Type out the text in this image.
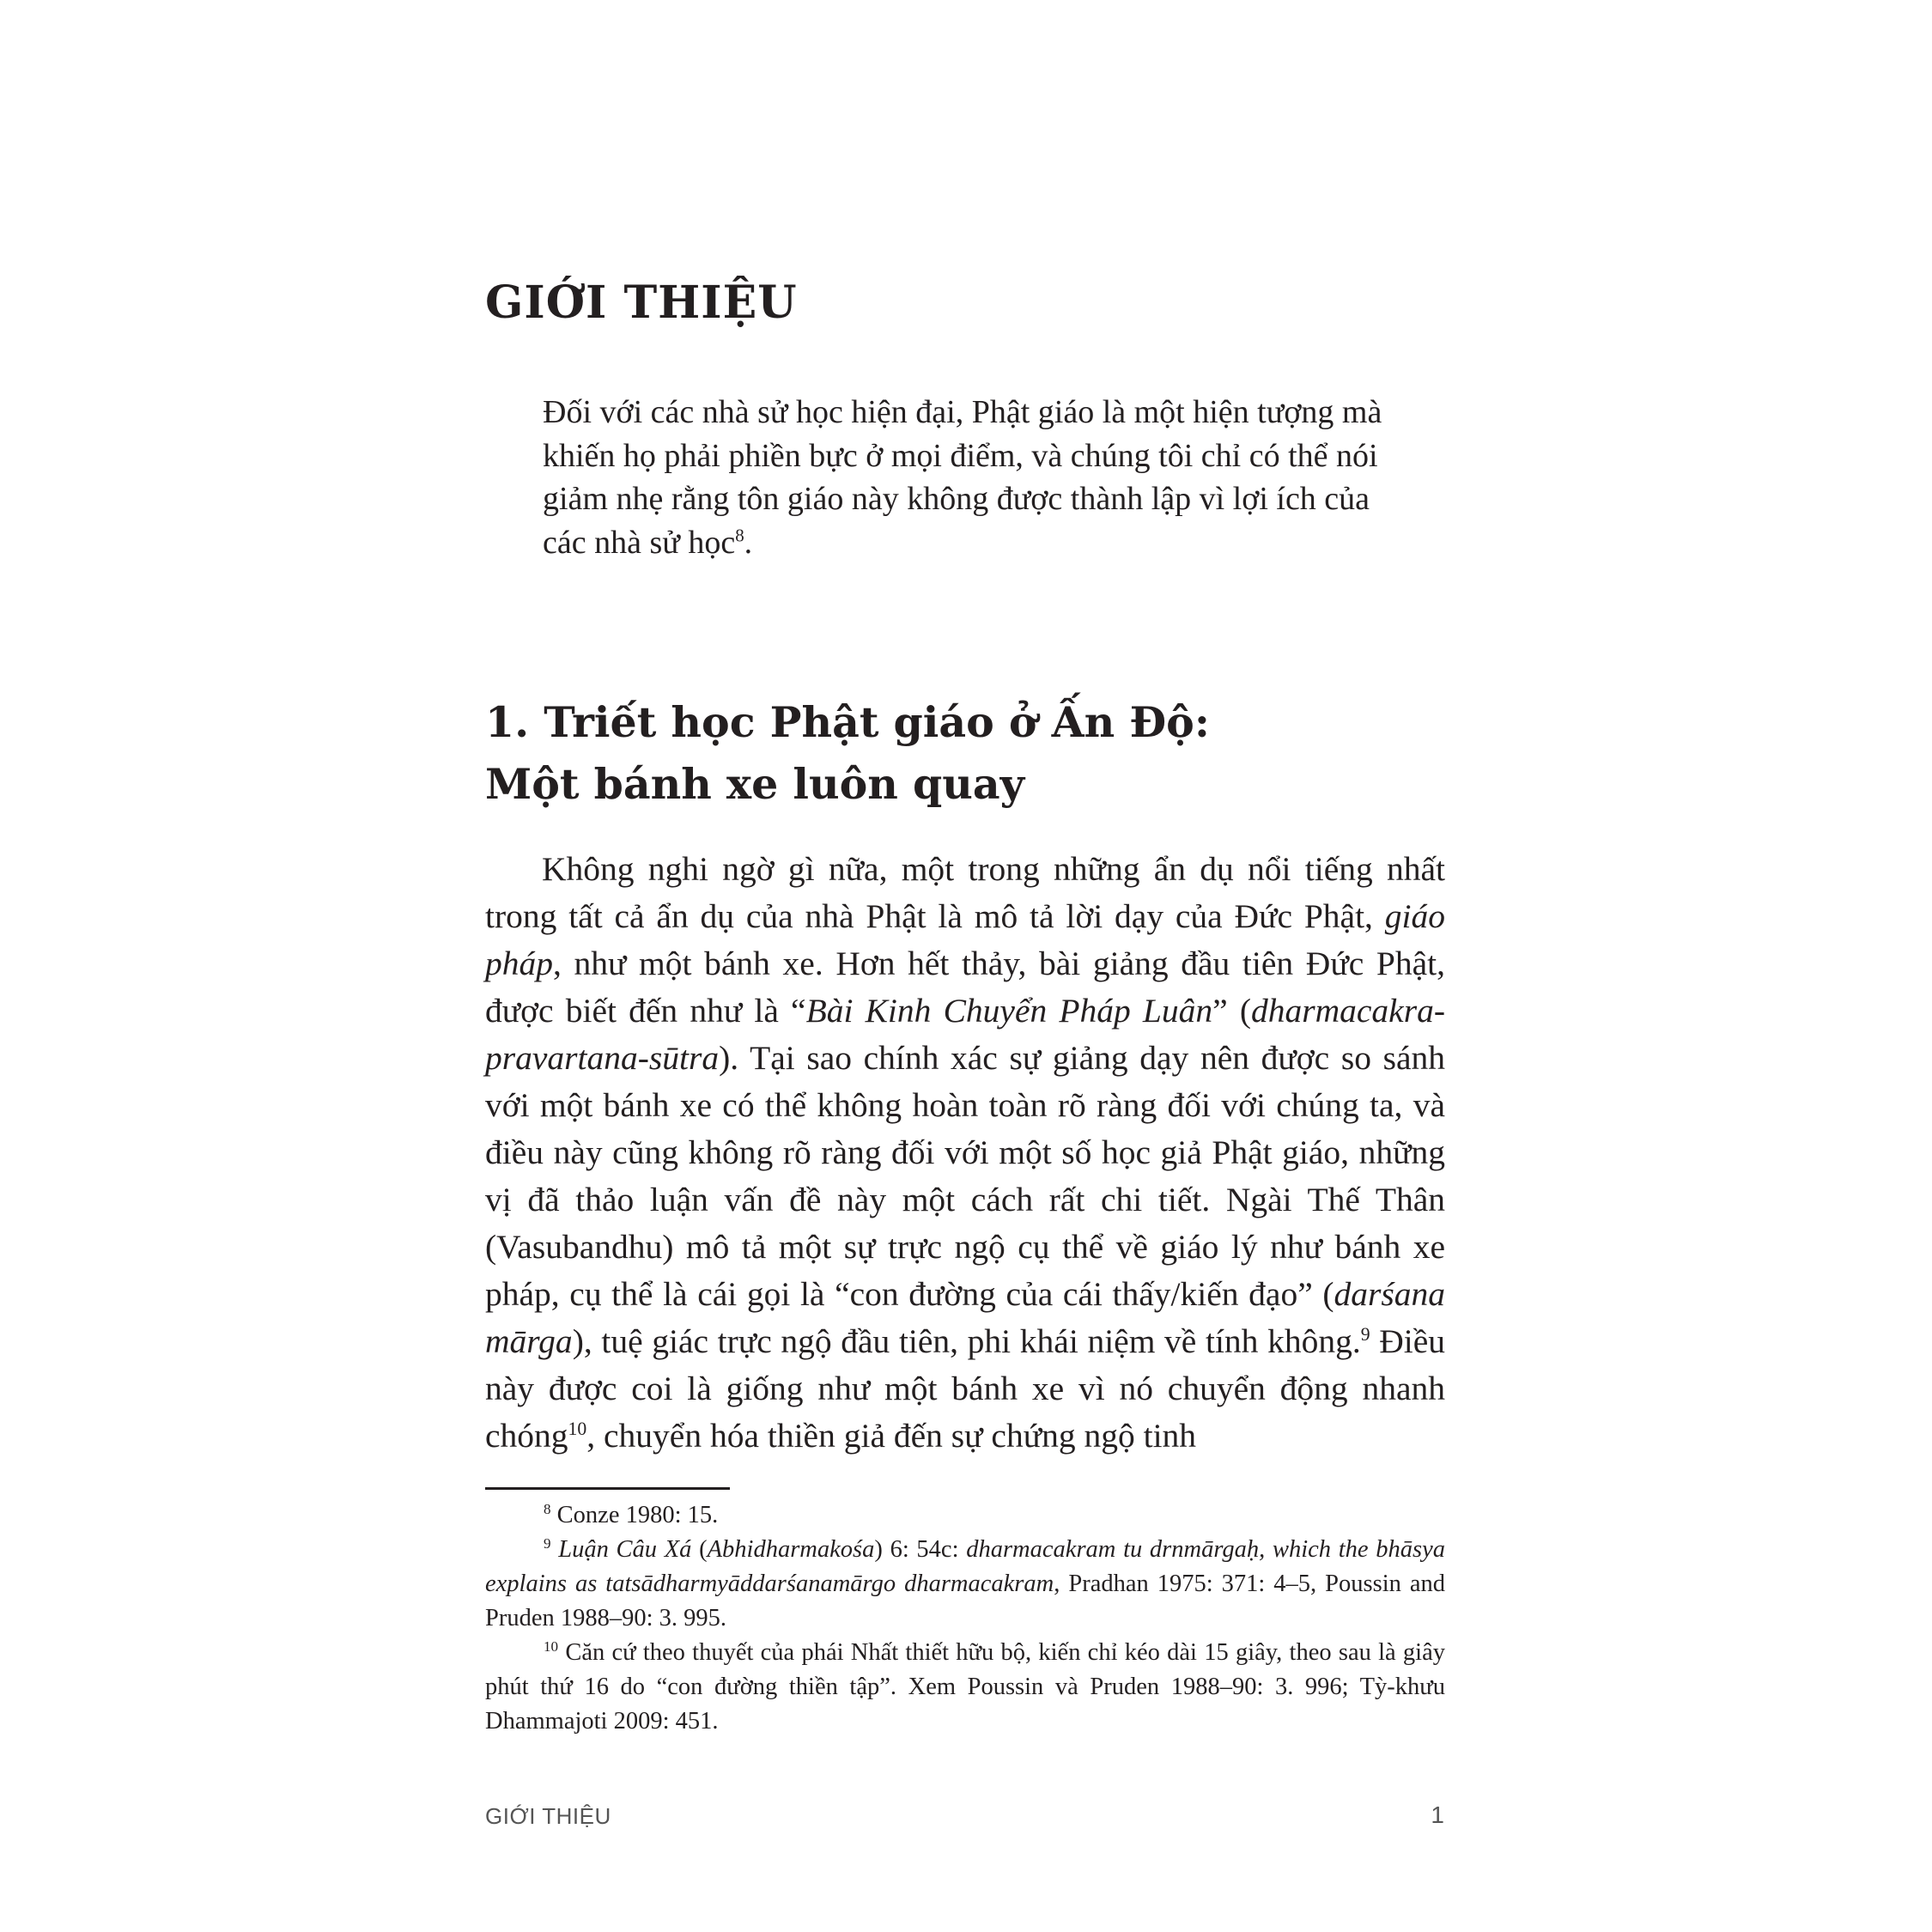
GIỚI THIỆU

Đối với các nhà sử học hiện đại, Phật giáo là một hiện tượng mà khiến họ phải phiền bực ở mọi điểm, và chúng tôi chỉ có thể nói giảm nhẹ rằng tôn giáo này không được thành lập vì lợi ích của các nhà sử học$^8$.

1. Triết học Phật giáo ở Ấn Độ:
Một bánh xe luôn quay

Không nghi ngờ gì nữa, một trong những ẩn dụ nổi tiếng nhất trong tất cả ẩn dụ của nhà Phật là mô tả lời dạy của Đức Phật, giáo pháp, như một bánh xe. Hơn hết thảy, bài giảng đầu tiên Đức Phật, được biết đến như là “Bài Kinh Chuyển Pháp Luân” (dharmacakra-pravartana-sūtra). Tại sao chính xác sự giảng dạy nên được so sánh với một bánh xe có thể không hoàn toàn rõ ràng đối với chúng ta, và điều này cũng không rõ ràng đối với một số học giả Phật giáo, những vị đã thảo luận vấn đề này một cách rất chi tiết. Ngài Thế Thân (Vasubandhu) mô tả một sự trực ngộ cụ thể về giáo lý như bánh xe pháp, cụ thể là cái gọi là “con đường của cái thấy/kiến đạo” (darśana mārga), tuệ giác trực ngộ đầu tiên, phi khái niệm về tính không.$^9$ Điều này được coi là giống như một bánh xe vì nó chuyển động nhanh chóng$^{10}$, chuyển hóa thiền giả đến sự chứng ngộ tinh

$^8$ Conze 1980: 15.

$^9$ Luận Câu Xá (Abhidharmakośa) 6: 54c: dharmacakram tu drnmārgaḥ, which the bhāsya explains as tatsādharmyāddarśanamārgo dharmacakram, Pradhan 1975: 371: 4–5, Poussin and Pruden 1988–90: 3. 995.

$^{10}$ Căn cứ theo thuyết của phái Nhất thiết hữu bộ, kiến chỉ kéo dài 15 giây, theo sau là giây phút thứ 16 do “con đường thiền tập”. Xem Poussin và Pruden 1988–90: 3. 996; Tỳ-khưu Dhammajoti 2009: 451.

GIỚI THIỆU	1
